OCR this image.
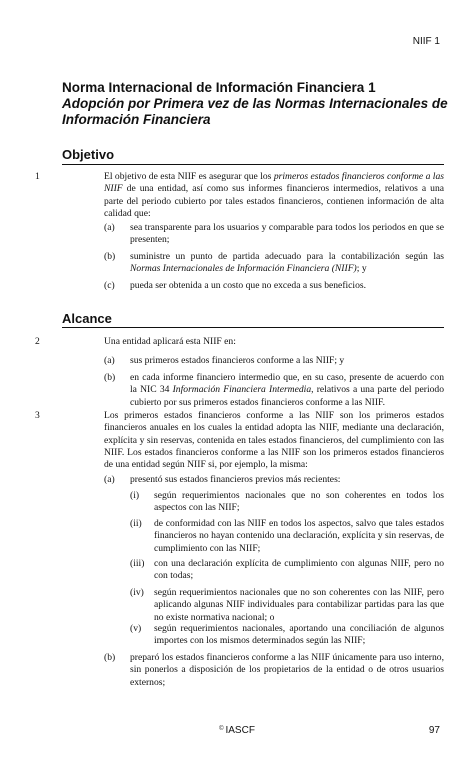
NIIF 1
Norma Internacional de Información Financiera 1
Adopción por Primera vez de las Normas Internacionales de Información Financiera
Objetivo
1	El objetivo de esta NIIF es asegurar que los primeros estados financieros conforme a las NIIF de una entidad, así como sus informes financieros intermedios, relativos a una parte del periodo cubierto por tales estados financieros, contienen información de alta calidad que:
(a) sea transparente para los usuarios y comparable para todos los periodos en que se presenten;
(b) suministre un punto de partida adecuado para la contabilización según las Normas Internacionales de Información Financiera (NIIF); y
(c) pueda ser obtenida a un costo que no exceda a sus beneficios.
Alcance
2	Una entidad aplicará esta NIIF en:
(a) sus primeros estados financieros conforme a las NIIF; y
(b) en cada informe financiero intermedio que, en su caso, presente de acuerdo con la NIC 34 Información Financiera Intermedia, relativos a una parte del periodo cubierto por sus primeros estados financieros conforme a las NIIF.
3	Los primeros estados financieros conforme a las NIIF son los primeros estados financieros anuales en los cuales la entidad adopta las NIIF, mediante una declaración, explícita y sin reservas, contenida en tales estados financieros, del cumplimiento con las NIIF. Los estados financieros conforme a las NIIF son los primeros estados financieros de una entidad según NIIF si, por ejemplo, la misma:
(a) presentó sus estados financieros previos más recientes:
(i) según requerimientos nacionales que no son coherentes en todos los aspectos con las NIIF;
(ii) de conformidad con las NIIF en todos los aspectos, salvo que tales estados financieros no hayan contenido una declaración, explícita y sin reservas, de cumplimiento con las NIIF;
(iii) con una declaración explícita de cumplimiento con algunas NIIF, pero no con todas;
(iv) según requerimientos nacionales que no son coherentes con las NIIF, pero aplicando algunas NIIF individuales para contabilizar partidas para las que no existe normativa nacional; o
(v) según requerimientos nacionales, aportando una conciliación de algunos importes con los mismos determinados según las NIIF;
(b) preparó los estados financieros conforme a las NIIF únicamente para uso interno, sin ponerlos a disposición de los propietarios de la entidad o de otros usuarios externos;
© IASCF	97
